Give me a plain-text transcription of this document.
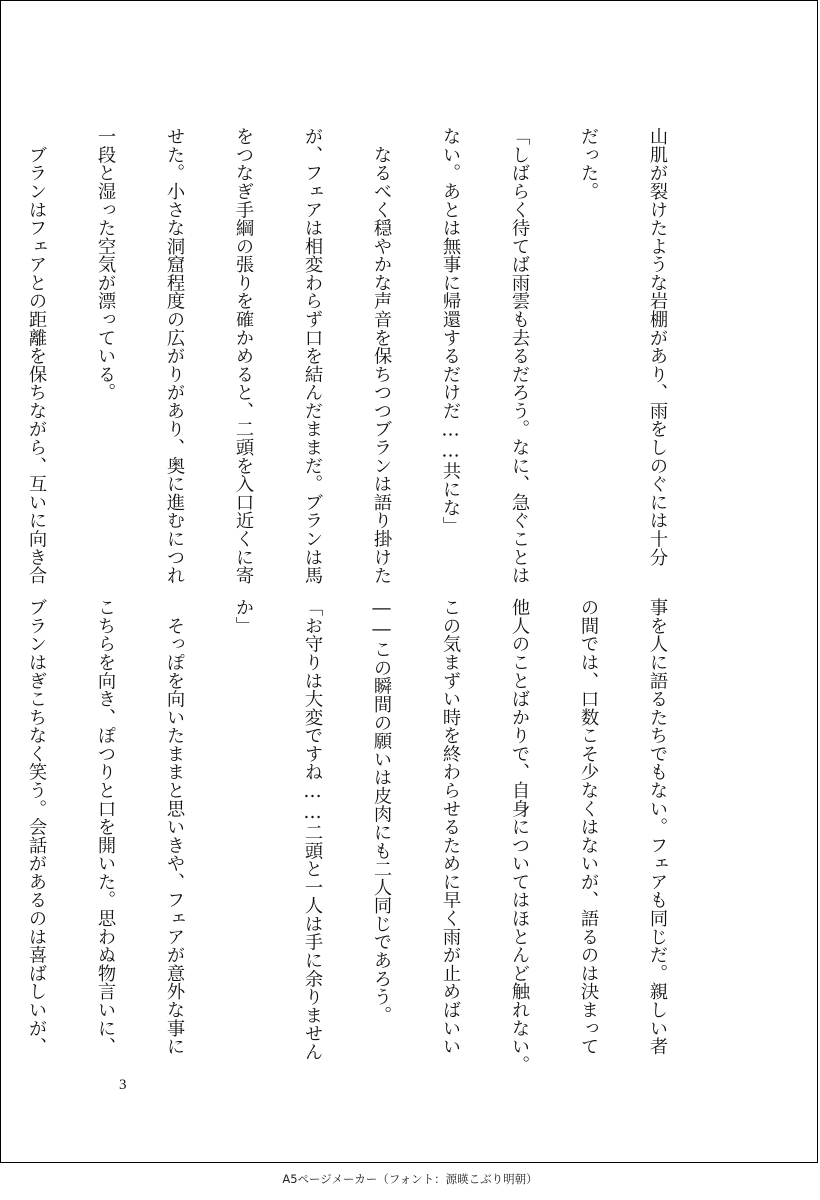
山肌が裂けたような岩棚があり、雨をしのぐには十分

だった。

「しばらく待てば雨雲も去るだろう。なに、急ぐことは

ない。あとは無事に帰還するだけだ……共にな」

　なるべく穏やかな声音を保ちつつブランは語り掛けた

が、フェアは相変わらず口を結んだままだ。ブランは馬

をつなぎ手綱の張りを確かめると、二頭を入口近くに寄

せた。小さな洞窟程度の広がりがあり、奥に進むにつれ

一段と湿った空気が漂っている。

　ブランはフェアとの距離を保ちながら、互いに向き合

事を人に語るたちでもない。フェアも同じだ。親しい者

の間では、口数こそ少なくはないが、語るのは決まって

他人のことばかりで、自身についてはほとんど触れない。

この気まずい時を終わらせるために早く雨が止めばいい

――この瞬間の願いは皮肉にも二人同じであろう。

「お守りは大変ですね……二頭と一人は手に余りません

か」

　そっぽを向いたままと思いきや、フェアが意外な事に

こちらを向き、ぽつりと口を開いた。思わぬ物言いに、

ブランはぎこちなく笑う。会話があるのは喜ばしいが、

3
A5ページメーカー（フォント：源暎こぶり明朝）
